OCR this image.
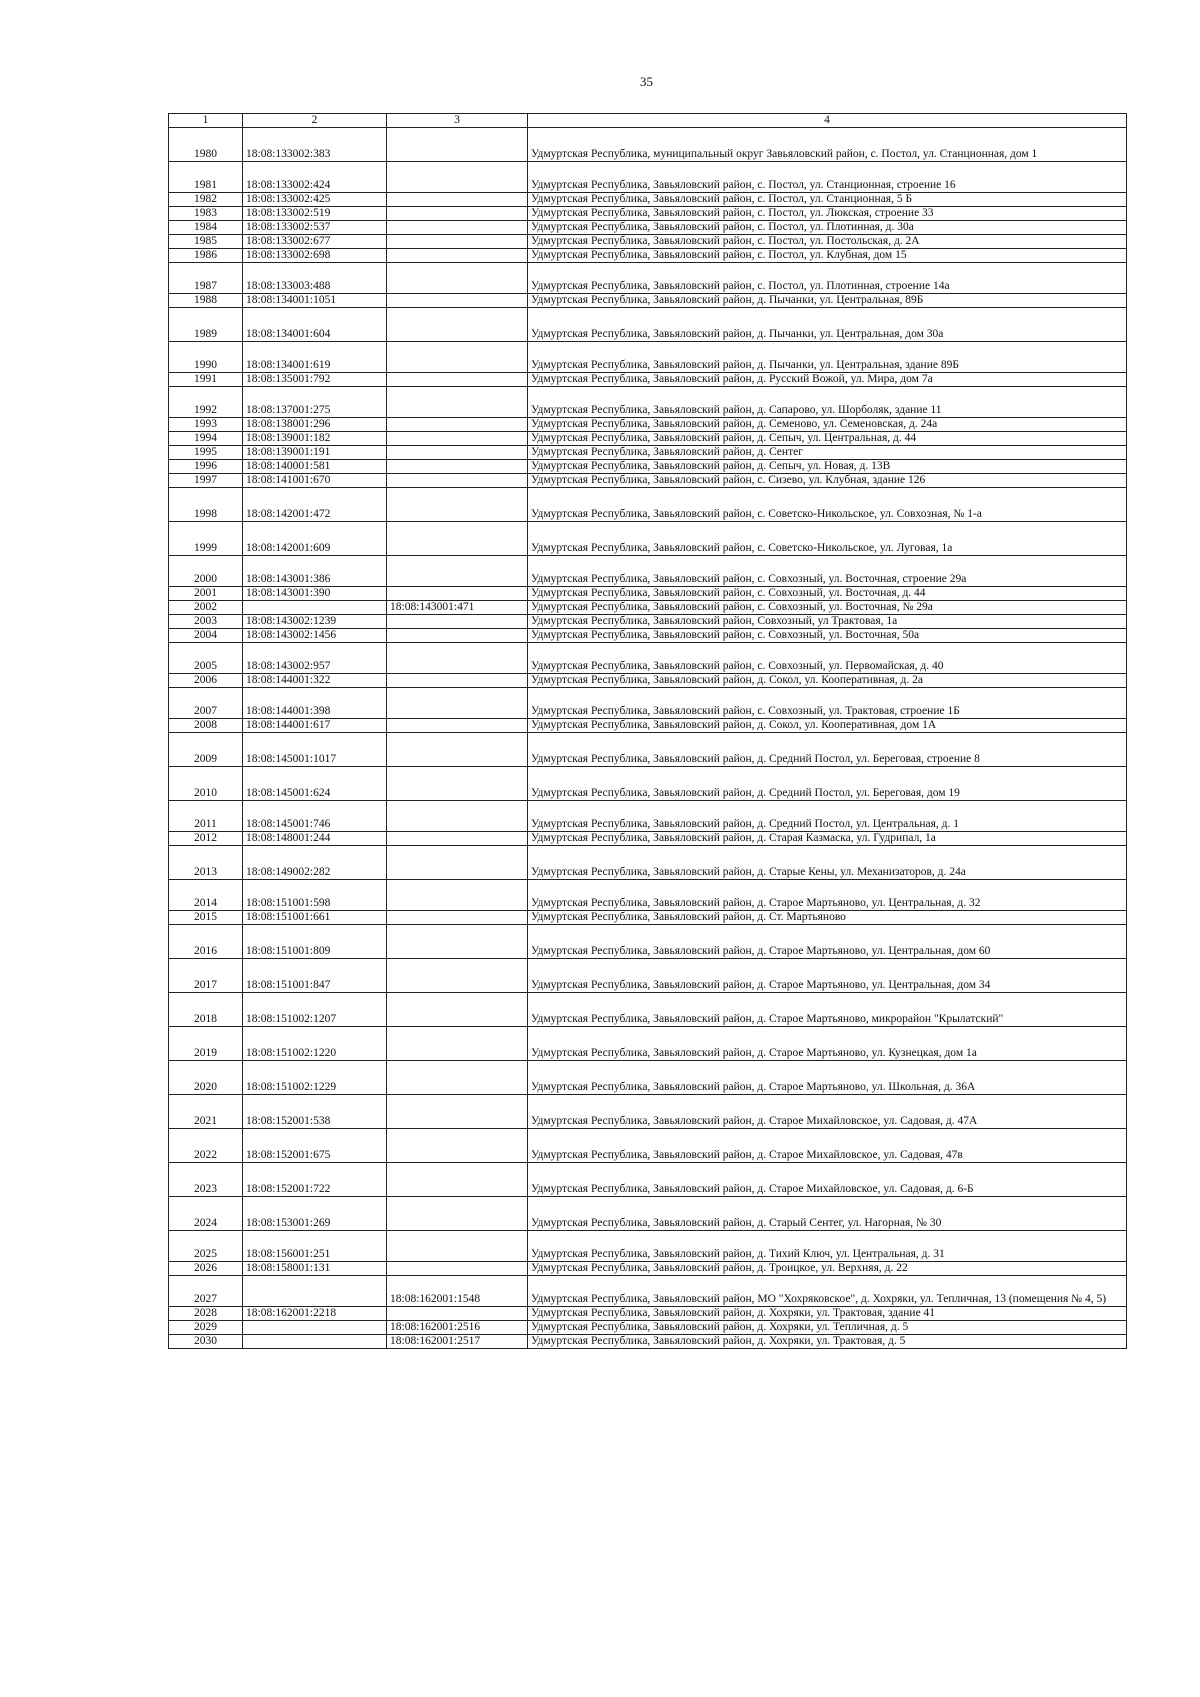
35
1	2	3	4
1980	18:08:133002:383		Удмуртская Республика, муниципальный округ Завьяловский район, с. Постол, ул. Станционная, дом 1
1981	18:08:133002:424		Удмуртская Республика, Завьяловский район, с. Постол, ул. Станционная, строение 16
1982	18:08:133002:425		Удмуртская Республика, Завьяловский район, с. Постол, ул. Станционная, 5 Б
1983	18:08:133002:519		Удмуртская Республика, Завьяловский район, с. Постол, ул. Люкская, строение 33
1984	18:08:133002:537		Удмуртская Республика, Завьяловский район, с. Постол, ул. Плотинная, д. 30а
1985	18:08:133002:677		Удмуртская Республика, Завьяловский район, с. Постол, ул. Постольская, д. 2А
1986	18:08:133002:698		Удмуртская Республика, Завьяловский район, с. Постол, ул. Клубная, дом 15
1987	18:08:133003:488		Удмуртская Республика, Завьяловский район, с. Постол, ул. Плотинная, строение 14а
1988	18:08:134001:1051		Удмуртская Республика, Завьяловский район, д. Пычанки, ул. Центральная, 89Б
1989	18:08:134001:604		Удмуртская Республика, Завьяловский район, д. Пычанки, ул. Центральная, дом 30а
1990	18:08:134001:619		Удмуртская Республика, Завьяловский район, д. Пычанки, ул. Центральная, здание 89Б
1991	18:08:135001:792		Удмуртская Республика, Завьяловский район, д. Русский Вожой, ул. Мира, дом 7а
1992	18:08:137001:275		Удмуртская Республика, Завьяловский район, д. Сапарово, ул. Шорболяк, здание 11
1993	18:08:138001:296		Удмуртская Республика, Завьяловский район, д. Семеново, ул. Семеновская, д. 24а
1994	18:08:139001:182		Удмуртская Республика, Завьяловский район, д. Сепыч, ул. Центральная, д. 44
1995	18:08:139001:191		Удмуртская Республика, Завьяловский район, д. Сентег
1996	18:08:140001:581		Удмуртская Республика, Завьяловский район, д. Сепыч, ул. Новая, д. 13В
1997	18:08:141001:670		Удмуртская Республика, Завьяловский район, с. Сизево, ул. Клубная, здание 126
1998	18:08:142001:472		Удмуртская Республика, Завьяловский район, с. Советско-Никольское, ул. Совхозная, № 1-а
1999	18:08:142001:609		Удмуртская Республика, Завьяловский район, с. Советско-Никольское, ул. Луговая, 1а
2000	18:08:143001:386		Удмуртская Республика, Завьяловский район, с. Совхозный, ул. Восточная, строение 29а
2001	18:08:143001:390		Удмуртская Республика, Завьяловский район, с. Совхозный, ул. Восточная, д. 44
2002		18:08:143001:471	Удмуртская Республика, Завьяловский район, с. Совхозный, ул. Восточная, № 29а
2003	18:08:143002:1239		Удмуртская Республика, Завьяловский район, Совхозный, ул Трактовая, 1а
2004	18:08:143002:1456		Удмуртская Республика, Завьяловский район, с. Совхозный, ул. Восточная, 50а
2005	18:08:143002:957		Удмуртская Республика, Завьяловский район, с. Совхозный, ул. Первомайская, д. 40
2006	18:08:144001:322		Удмуртская Республика, Завьяловский район, д. Сокол, ул. Кооперативная, д. 2а
2007	18:08:144001:398		Удмуртская Республика, Завьяловский район, с. Совхозный, ул. Трактовая, строение 1Б
2008	18:08:144001:617		Удмуртская Республика, Завьяловский район, д. Сокол, ул. Кооперативная, дом 1А
2009	18:08:145001:1017		Удмуртская Республика, Завьяловский район, д. Средний Постол, ул. Береговая, строение 8
2010	18:08:145001:624		Удмуртская Республика, Завьяловский район, д. Средний Постол, ул. Береговая, дом 19
2011	18:08:145001:746		Удмуртская Республика, Завьяловский район, д. Средний Постол, ул. Центральная, д. 1
2012	18:08:148001:244		Удмуртская Республика, Завьяловский район, д. Старая Казмаска, ул. Гудрипал, 1а
2013	18:08:149002:282		Удмуртская Республика, Завьяловский район, д. Старые Кены, ул. Механизаторов, д. 24а
2014	18:08:151001:598		Удмуртская Республика, Завьяловский район, д. Старое Мартьяново, ул. Центральная, д. 32
2015	18:08:151001:661		Удмуртская Республика, Завьяловский район, д. Ст. Мартьяново
2016	18:08:151001:809		Удмуртская Республика, Завьяловский район, д. Старое Мартьяново, ул. Центральная, дом 60
2017	18:08:151001:847		Удмуртская Республика, Завьяловский район, д. Старое Мартьяново, ул. Центральная, дом 34
2018	18:08:151002:1207		Удмуртская Республика, Завьяловский район, д. Старое Мартьяново, микрорайон "Крылатский"
2019	18:08:151002:1220		Удмуртская Республика, Завьяловский район, д. Старое Мартьяново, ул. Кузнецкая, дом 1а
2020	18:08:151002:1229		Удмуртская Республика, Завьяловский район, д. Старое Мартьяново, ул. Школьная, д. 36А
2021	18:08:152001:538		Удмуртская Республика, Завьяловский район, д. Старое Михайловское, ул. Садовая, д. 47А
2022	18:08:152001:675		Удмуртская Республика, Завьяловский район, д. Старое Михайловское, ул. Садовая, 47в
2023	18:08:152001:722		Удмуртская Республика, Завьяловский район, д. Старое Михайловское, ул. Садовая, д. 6-Б
2024	18:08:153001:269		Удмуртская Республика, Завьяловский район, д. Старый Сентег, ул. Нагорная, № 30
2025	18:08:156001:251		Удмуртская Республика, Завьяловский район, д. Тихий Ключ, ул. Центральная, д. 31
2026	18:08:158001:131		Удмуртская Республика, Завьяловский район, д. Троицкое, ул. Верхняя, д. 22
2027		18:08:162001:1548	Удмуртская Республика, Завьяловский район, МО "Хохряковское", д. Хохряки, ул. Тепличная, 13 (помещения № 4, 5)
2028	18:08:162001:2218		Удмуртская Республика, Завьяловский район, д. Хохряки, ул. Трактовая, здание 41
2029		18:08:162001:2516	Удмуртская Республика, Завьяловский район, д. Хохряки, ул. Тепличная, д. 5
2030		18:08:162001:2517	Удмуртская Республика, Завьяловский район, д. Хохряки, ул. Трактовая, д. 5
